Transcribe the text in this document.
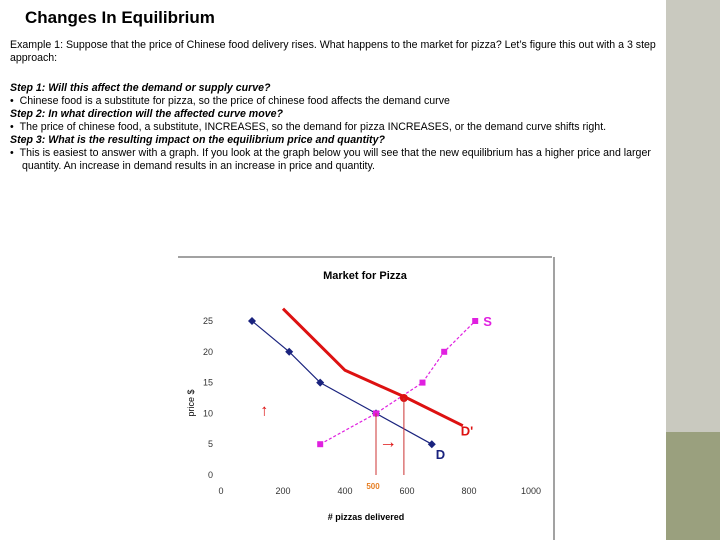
Changes In Equilibrium

Example 1: Suppose that the price of Chinese food delivery rises. What happens to the market for pizza? Let’s figure this out with a 3 step approach:

Step 1: Will this affect the demand or supply curve?

• Chinese food is a substitute for pizza, so the price of chinese food affects the demand curve

Step 2: In what direction will the affected curve move?

• The price of chinese food, a substitute, INCREASES, so the demand for pizza INCREASES, or the demand curve shifts right.

Step 3: What is the resulting impact on the equilibrium price and quantity?

• This is easiest to answer with a graph. If you look at the graph below you will see that the new equilibrium has a higher price and larger quantity. An increase in demand results in an increase in price and quantity.

Market for Pizza
# pizzas delivered
price $
0
5
10
15
20
25
0	200	400	600	800	1000
D
S
D'
500
↑
→
